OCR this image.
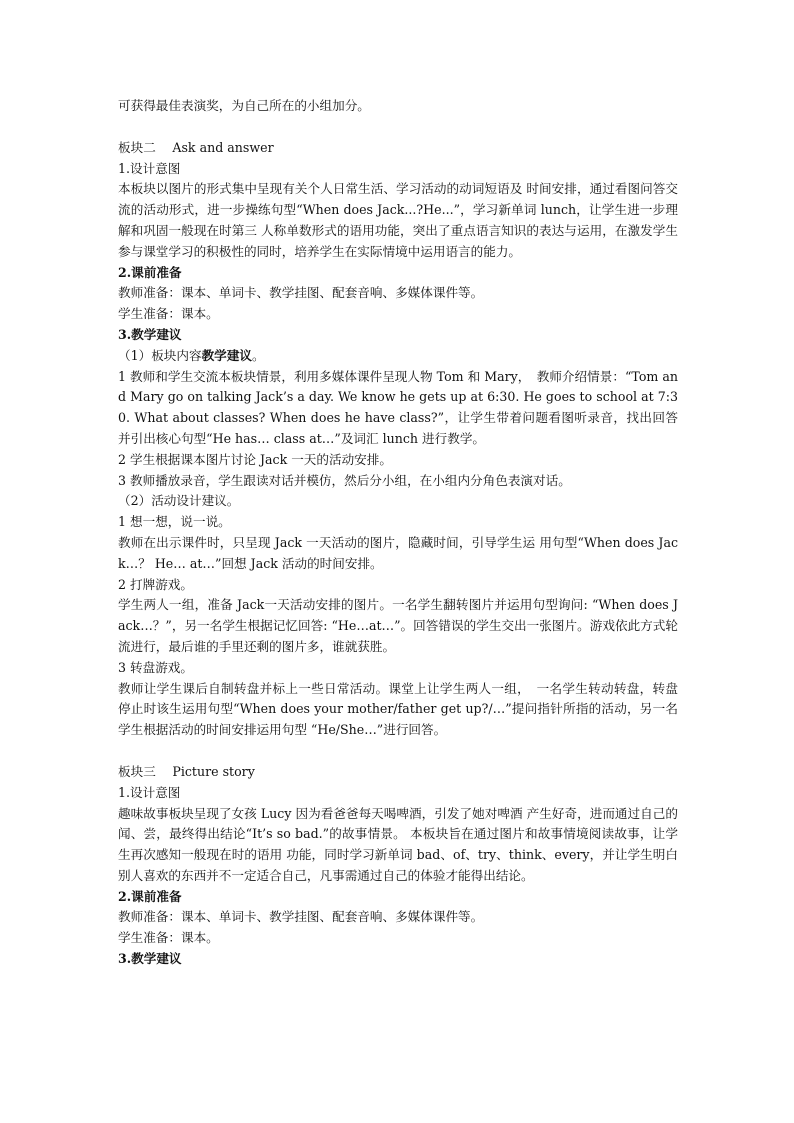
可获得最佳表演奖，为自己所在的小组加分。
板块二　 Ask and answer
1.设计意图
本板块以图片的形式集中呈现有关个人日常生活、学习活动的动词短语及 时间安排，通过看图问答交流的活动形式，进一步操练句型“When does Jack...?He...”，学习新单词 lunch，让学生进一步理解和巩固一般现在时第三 人称单数形式的语用功能，突出了重点语言知识的表达与运用，在激发学生参与课堂学习的积极性的同时，培养学生在实际情境中运用语言的能力。
2.课前准备
教师准备：课本、单词卡、教学挂图、配套音响、多媒体课件等。
学生准备：课本。
3.教学建议
（1）板块内容教学建议。
1 教师和学生交流本板块情景，利用多媒体课件呈现人物 Tom 和 Mary，　教师介绍情景：“Tom and Mary go on talking Jack’s a day. We know he gets up at 6:30. He goes to school at 7:30. What about classes? When does he have class?”，让学生带着问题看图听录音，找出回答并引出核心句型“He has… class at…”及词汇 lunch 进行教学。
2 学生根据课本图片讨论 Jack 一天的活动安排。
3 教师播放录音，学生跟读对话并模仿，然后分小组，在小组内分角色表演对话。
（2）活动设计建议。
1 想一想，说一说。
教师在出示课件时，只呈现 Jack 一天活动的图片，隐藏时间，引导学生运 用句型“When does Jack…？ He… at…”回想 Jack 活动的时间安排。
2 打牌游戏。
学生两人一组，准备 Jack一天活动安排的图片。一名学生翻转图片并运用句型询问: “When does Jack…？”，另一名学生根据记忆回答: “He…at…”。回答错误的学生交出一张图片。游戏依此方式轮流进行，最后谁的手里还剩的图片多，谁就获胜。
3 转盘游戏。
教师让学生课后自制转盘并标上一些日常活动。课堂上让学生两人一组，　一名学生转动转盘，转盘停止时该生运用句型“When does your mother/father get up?/…”提问指针所指的活动，另一名学生根据活动的时间安排运用句型 “He/She…”进行回答。
板块三　 Picture story
1.设计意图
趣味故事板块呈现了女孩 Lucy 因为看爸爸每天喝啤酒，引发了她对啤酒 产生好奇，进而通过自己的闻、尝，最终得出结论“It’s so bad.”的故事情景。 本板块旨在通过图片和故事情境阅读故事，让学生再次感知一般现在时的语用 功能，同时学习新单词 bad、of、try、think、every，并让学生明白别人喜欢的东西并不一定适合自己，凡事需通过自己的体验才能得出结论。
2.课前准备
教师准备：课本、单词卡、教学挂图、配套音响、多媒体课件等。
学生准备：课本。
3.教学建议
